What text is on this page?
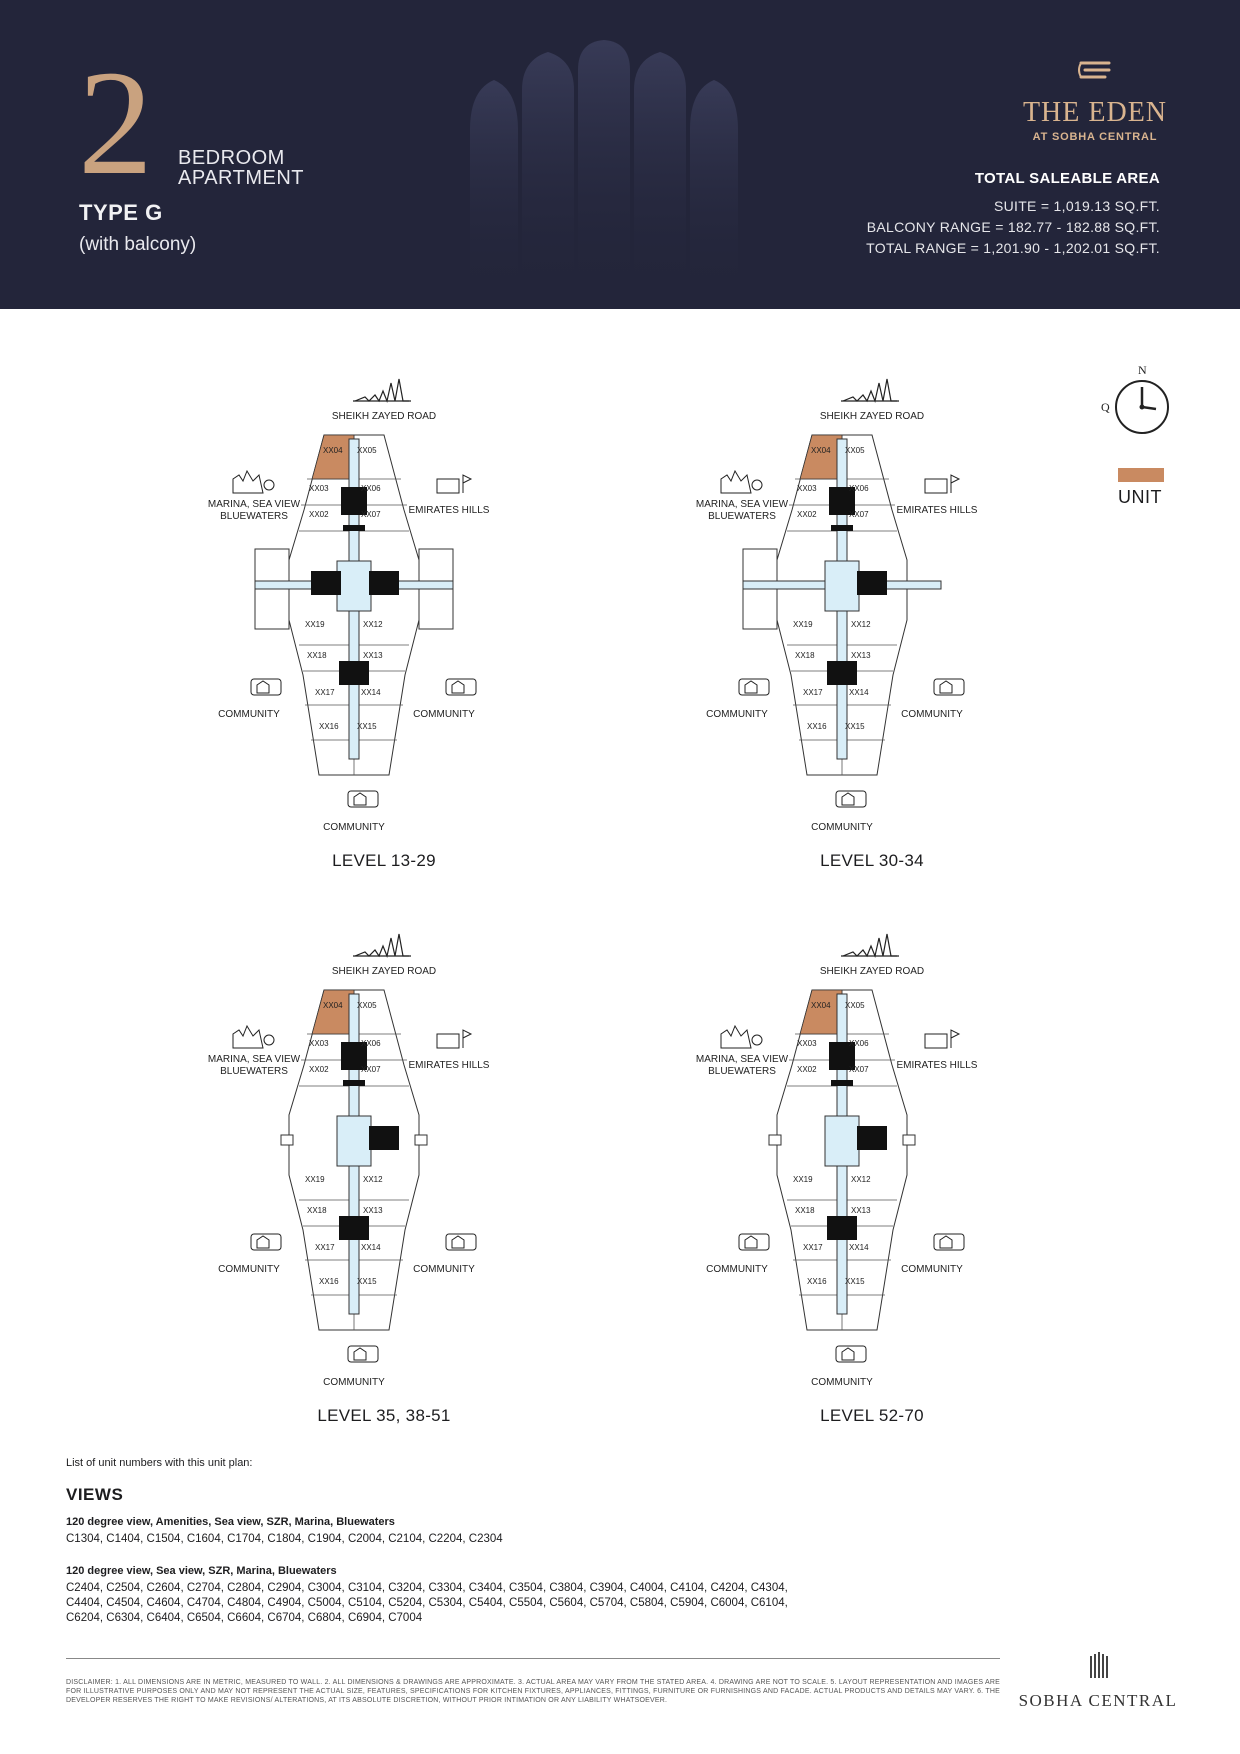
2 BEDROOM
APARTMENT
TYPE G
(with balcony)
THE EDEN
AT SOBHA CENTRAL
TOTAL SALEABLE AREA
SUITE = 1,019.13 SQ.FT.
BALCONY RANGE = 182.77 - 182.88 SQ.FT.
TOTAL RANGE = 1,201.90 - 1,202.01 SQ.FT.
XX04 XX05
XX03	XX06
XX02	XX07
XX19	XX12
XX18	XX13
XX17	XX14
XX16 XX15
SHEIKH ZAYED ROAD
MARINA, SEA VIEW
BLUEWATERS
EMIRATES HILLS
COMMUNITY	COMMUNITY
COMMUNITY
LEVEL 13-29
XX04 XX05
XX03	XX06
XX02	XX07
XX19	XX12
XX18	XX13
XX17	XX14
XX16 XX15
SHEIKH ZAYED ROAD
MARINA, SEA VIEW
BLUEWATERS
EMIRATES HILLS
COMMUNITY	COMMUNITY
COMMUNITY
LEVEL 30-34
XX04 XX05
XX03	XX06
XX02	XX07
XX19	XX12
XX18	XX13
XX17	XX14
XX16 XX15
SHEIKH ZAYED ROAD
MARINA, SEA VIEW
BLUEWATERS
EMIRATES HILLS
COMMUNITY	COMMUNITY
COMMUNITY
LEVEL 35, 38-51
XX04 XX05
XX03	XX06
XX02	XX07
XX19	XX12
XX18	XX13
XX17	XX14
XX16 XX15
SHEIKH ZAYED ROAD
MARINA, SEA VIEW
BLUEWATERS
EMIRATES HILLS
COMMUNITY	COMMUNITY
COMMUNITY
LEVEL 52-70
N
Q
UNIT
List of unit numbers with this unit plan:
VIEWS
120 degree view, Amenities, Sea view, SZR, Marina, Bluewaters
C1304, C1404, C1504, C1604, C1704, C1804, C1904, C2004, C2104, C2204, C2304
120 degree view, Sea view, SZR, Marina, Bluewaters
C2404, C2504, C2604, C2704, C2804, C2904, C3004, C3104, C3204, C3304, C3404, C3504, C3804, C3904, C4004, C4104, C4204, C4304, C4404, C4504, C4604, C4704, C4804, C4904, C5004, C5104, C5204, C5304, C5404, C5504, C5604, C5704, C5804, C5904, C6004, C6104, C6204, C6304, C6404, C6504, C6604, C6704, C6804, C6904, C7004
DISCLAIMER: 1. ALL DIMENSIONS ARE IN METRIC, MEASURED TO WALL. 2. ALL DIMENSIONS & DRAWINGS ARE APPROXIMATE. 3. ACTUAL AREA MAY VARY FROM THE STATED AREA. 4. DRAWING ARE NOT TO SCALE. 5. LAYOUT REPRESENTATION AND IMAGES ARE FOR ILLUSTRATIVE PURPOSES ONLY AND MAY NOT REPRESENT THE ACTUAL SIZE, FEATURES, SPECIFICATIONS FOR KITCHEN FIXTURES, APPLIANCES, FITTINGS, FURNITURE OR FURNISHINGS AND FACADE. ACTUAL PRODUCTS AND DETAILS MAY VARY. 6. THE DEVELOPER RESERVES THE RIGHT TO MAKE REVISIONS/ ALTERATIONS, AT ITS ABSOLUTE DISCRETION, WITHOUT PRIOR INTIMATION OR ANY LIABILITY WHATSOEVER.	SOBHA CENTRAL
